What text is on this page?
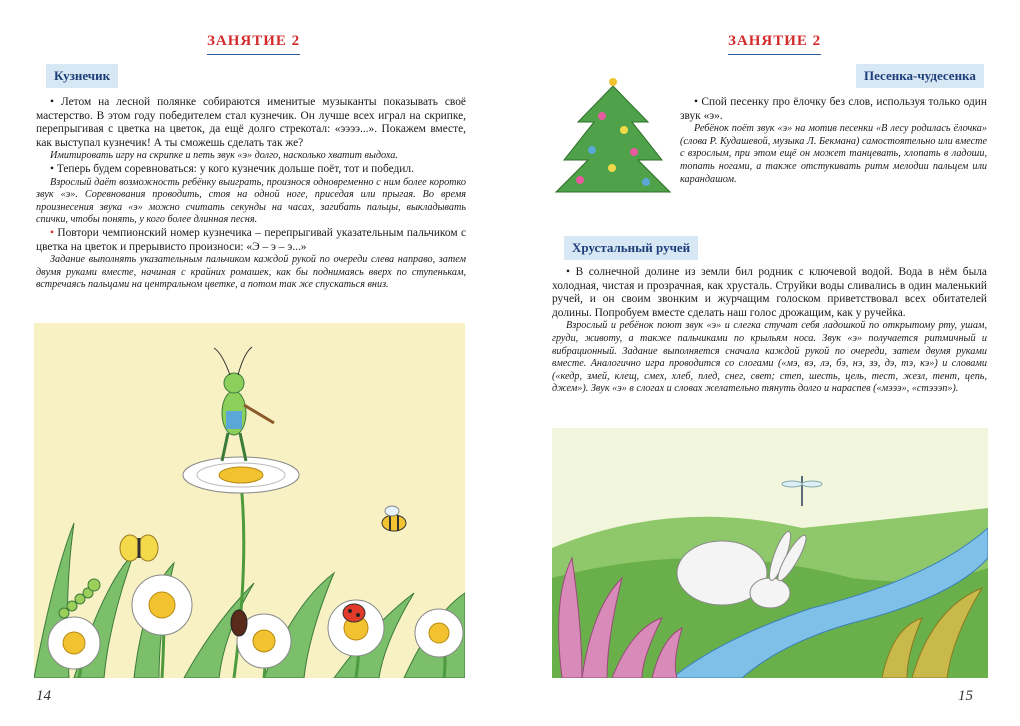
ЗАНЯТИЕ 2
Кузнечик

• Летом на лесной полянке собираются именитые музыканты показывать своё мастерство. В этом году победителем стал кузнечик. Он лучше всех играл на скрипке, перепрыгивая с цветка на цветок, да ещё долго стрекотал: «ээээ...». Покажем вместе, как выступал кузнечик! А ты сможешь сделать так же?

Имитировать игру на скрипке и петь звук «э» долго, насколько хватит выдоха.

• Теперь будем соревноваться: у кого кузнечик дольше поёт, тот и победил.

Взрослый даёт возможность ребёнку выиграть, произнося одновременно с ним более коротко звук «э». Соревнования проводить, стоя на одной ноге, приседая или прыгая. Во время произнесения звука «э» можно считать секунды на часах, загибать пальцы, выкладывать спички, чтобы понять, у кого более длинная песня.

• Повтори чемпионский номер кузнечика – перепрыгивай указательным пальчиком с цветка на цветок и прерывисто произноси: «Э – э – э...»

Задание выполнять указательным пальчиком каждой рукой по очереди слева направо, затем двумя руками вместе, начиная с крайних ромашек, как бы поднимаясь вверх по ступенькам, встречаясь пальцами на центральном цветке, а потом так же спускаться вниз.

14
ЗАНЯТИЕ 2
Песенка-чудесенка

• Спой песенку про ёлочку без слов, используя только один звук «э».

Ребёнок поёт звук «э» на мотив песенки «В лесу родилась ёлочка» (слова Р. Кудашевой, музыка Л. Бекмана) самостоятельно или вместе с взрослым, при этом ещё он может танцевать, хлопать в ладоши, топать ногами, а также отстукивать ритм мелодии пальцем или карандашом.

Хрустальный ручей

• В солнечной долине из земли бил родник с ключевой водой. Вода в нём была холодная, чистая и прозрачная, как хрусталь. Струйки воды сливались в один маленький ручей, и он своим звонким и журчащим голоском приветствовал всех обитателей долины. Попробуем вместе сделать наш голос дрожащим, как у ручейка.

Взрослый и ребёнок поют звук «э» и слегка стучат себя ладошкой по открытому рту, ушам, груди, животу, а также пальчиками по крыльям носа. Звук «э» получается ритмичный и вибрационный. Задание выполняется сначала каждой рукой по очереди, затем двумя руками вместе. Аналогично игра проводится со слогами («мэ, вэ, лэ, бэ, нэ, зэ, дэ, тэ, кэ») и словами («кедр, змей, клещ, смех, хлеб, плед, снег, свет; степ, шесть, цель, тест, жезл, тент, цепь, джем»). Звук «э» в слогах и словах желательно тянуть долго и нараспев («мэээ», «стэээп»).

15
